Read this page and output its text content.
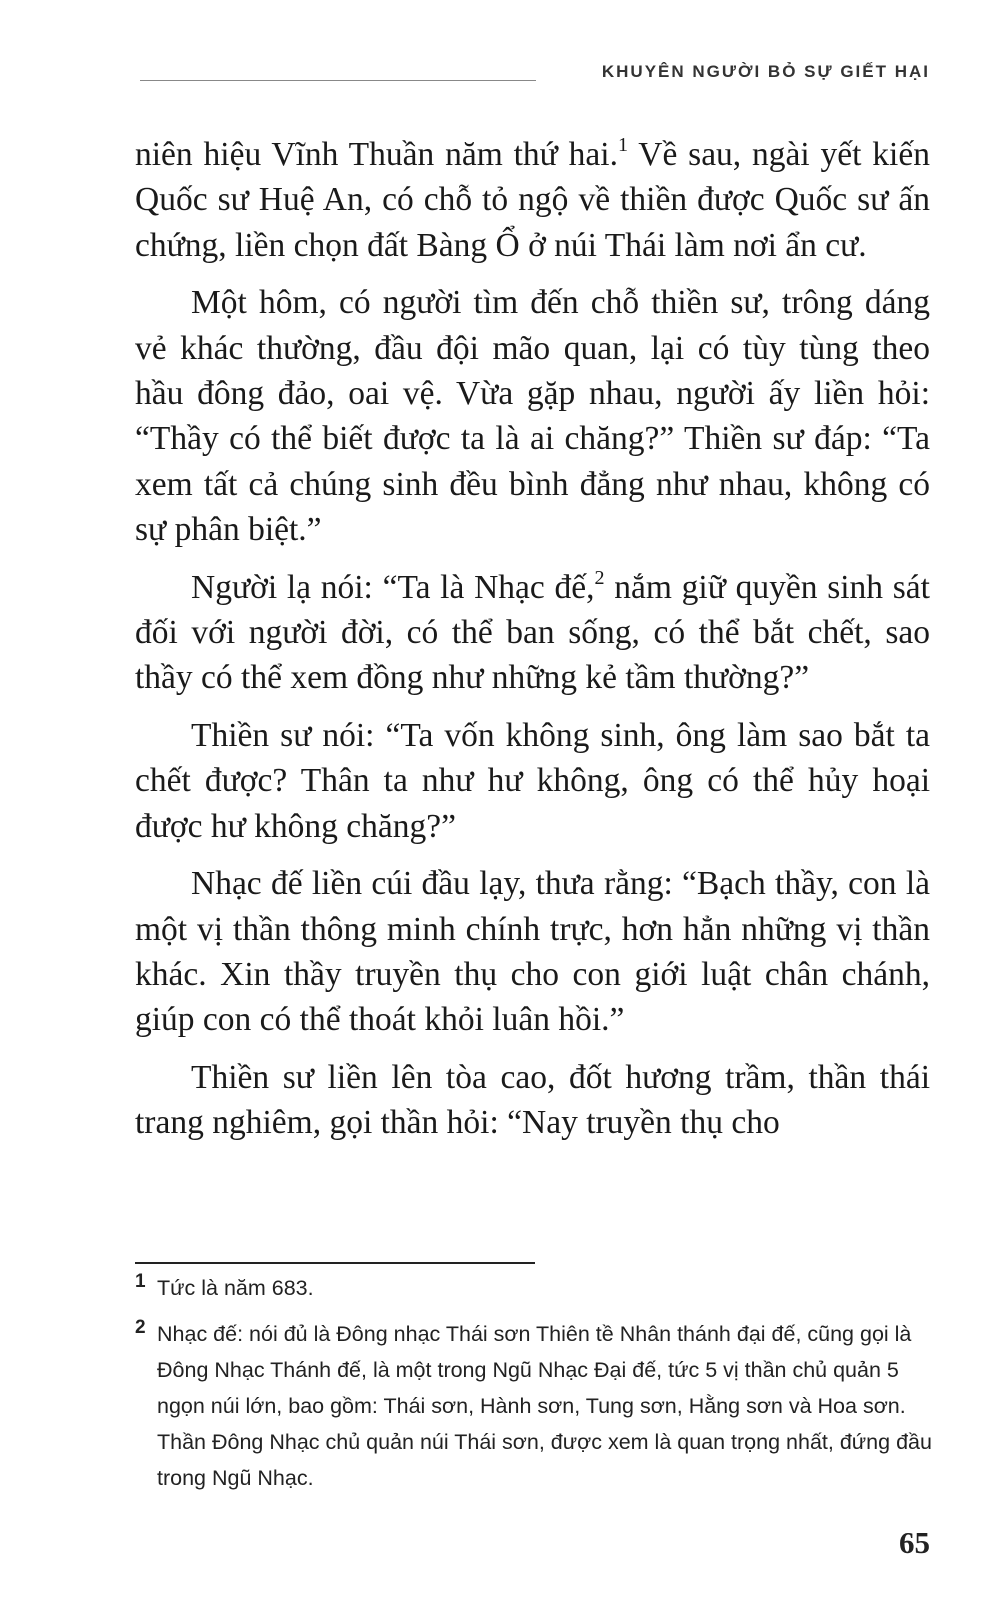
KHUYÊN NGƯỜI BỎ SỰ GIẾT HẠI

niên hiệu Vĩnh Thuần năm thứ hai.$^1$ Về sau, ngài yết kiến Quốc sư Huệ An, có chỗ tỏ ngộ về thiền được Quốc sư ấn chứng, liền chọn đất Bàng Ổ ở núi Thái làm nơi ẩn cư.

Một hôm, có người tìm đến chỗ thiền sư, trông dáng vẻ khác thường, đầu đội mão quan, lại có tùy tùng theo hầu đông đảo, oai vệ. Vừa gặp nhau, người ấy liền hỏi: “Thầy có thể biết được ta là ai chăng?” Thiền sư đáp: “Ta xem tất cả chúng sinh đều bình đẳng như nhau, không có sự phân biệt.”

Người lạ nói: “Ta là Nhạc đế,$^2$ nắm giữ quyền sinh sát đối với người đời, có thể ban sống, có thể bắt chết, sao thầy có thể xem đồng như những kẻ tầm thường?”

Thiền sư nói: “Ta vốn không sinh, ông làm sao bắt ta chết được? Thân ta như hư không, ông có thể hủy hoại được hư không chăng?”

Nhạc đế liền cúi đầu lạy, thưa rằng: “Bạch thầy, con là một vị thần thông minh chính trực, hơn hẳn những vị thần khác. Xin thầy truyền thụ cho con giới luật chân chánh, giúp con có thể thoát khỏi luân hồi.”

Thiền sư liền lên tòa cao, đốt hương trầm, thần thái trang nghiêm, gọi thần hỏi: “Nay truyền thụ cho

1 Tức là năm 683.
2 Nhạc đế: nói đủ là Đông nhạc Thái sơn Thiên tề Nhân thánh đại đế, cũng gọi là Đông Nhạc Thánh đế, là một trong Ngũ Nhạc Đại đế, tức 5 vị thần chủ quản 5 ngọn núi lớn, bao gồm: Thái sơn, Hành sơn, Tung sơn, Hằng sơn và Hoa sơn. Thần Đông Nhạc chủ quản núi Thái sơn, được xem là quan trọng nhất, đứng đầu trong Ngũ Nhạc.
65
